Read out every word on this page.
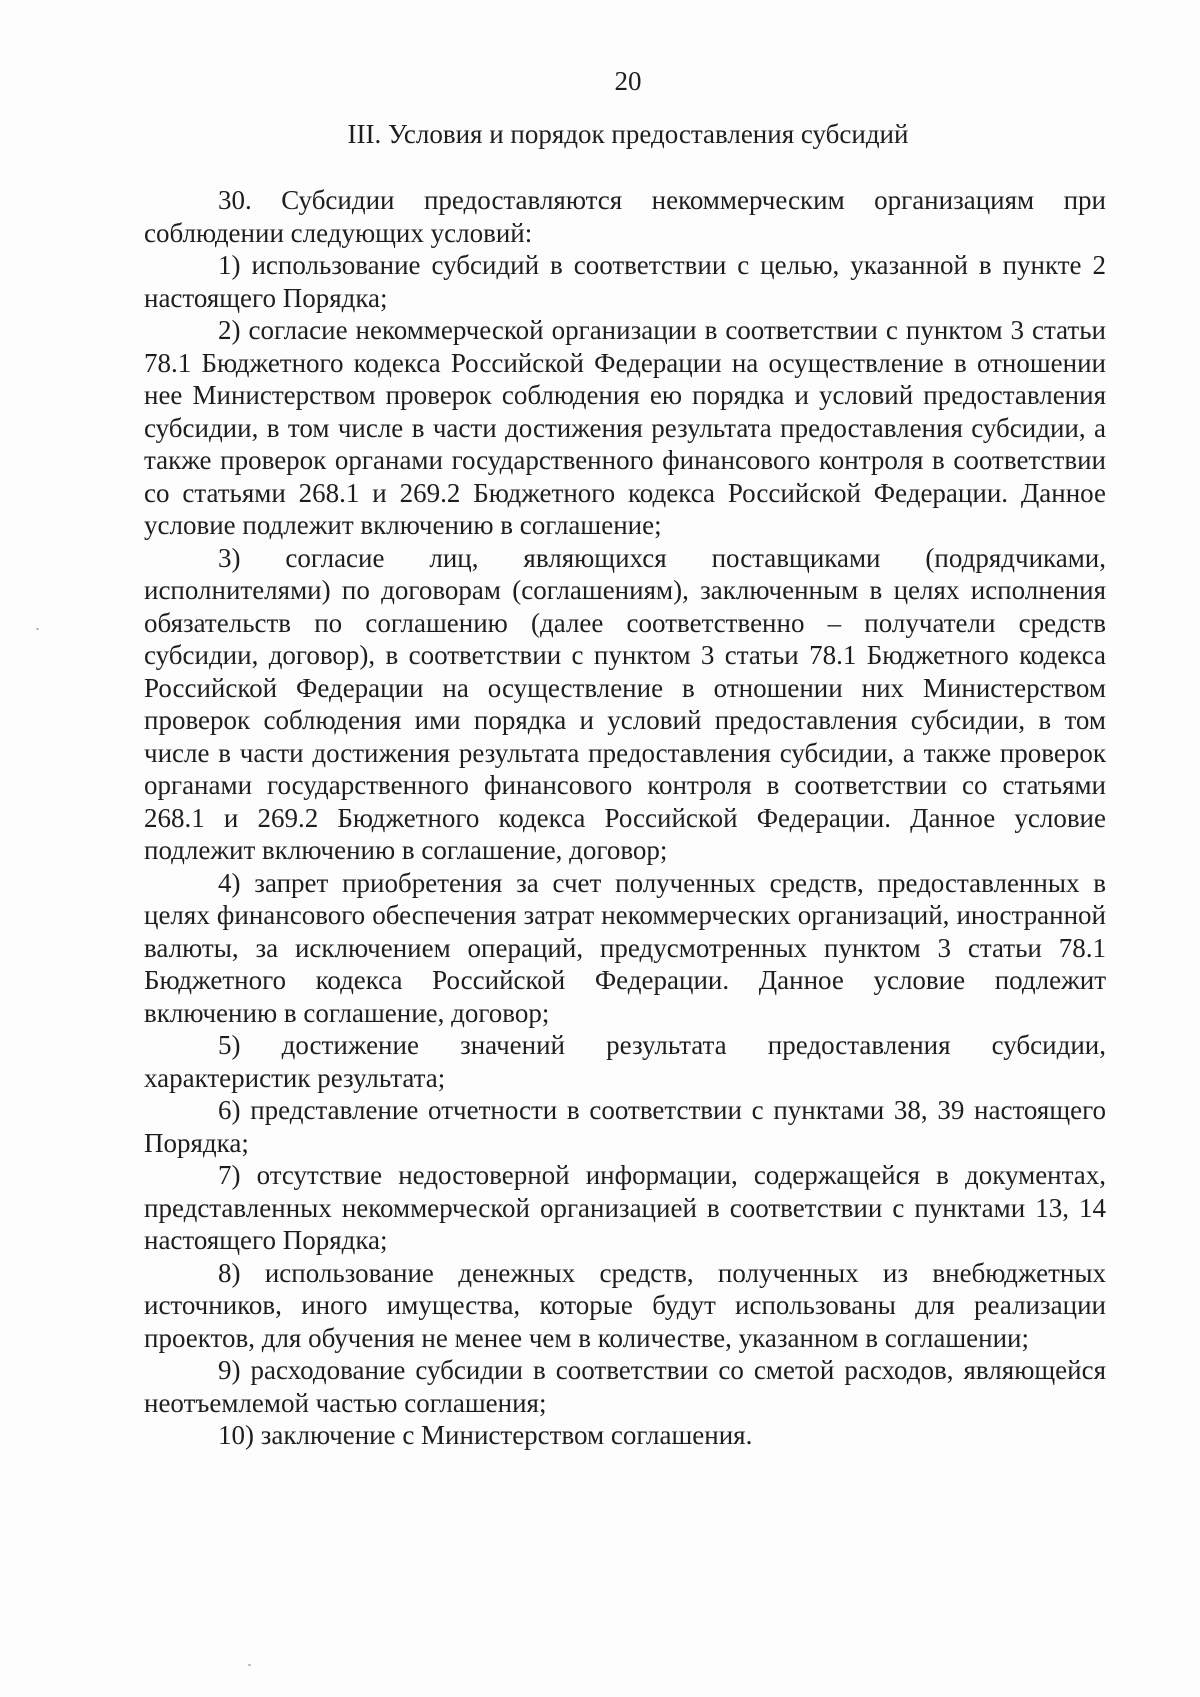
20
III. Условия и порядок предоставления субсидий

30. Субсидии предоставляются некоммерческим организациям при соблюдении следующих условий:

1) использование субсидий в соответствии с целью, указанной в пункте 2 настоящего Порядка;

2) согласие некоммерческой организации в соответствии с пунктом 3 статьи 78.1 Бюджетного кодекса Российской Федерации на осуществление в отношении нее Министерством проверок соблюдения ею порядка и условий предоставления субсидии, в том числе в части достижения результата предоставления субсидии, а также проверок органами государственного финансового контроля в соответствии со статьями 268.1 и 269.2 Бюджетного кодекса Российской Федерации. Данное условие подлежит включению в соглашение;

3) согласие лиц, являющихся поставщиками (подрядчиками, исполнителями) по договорам (соглашениям), заключенным в целях исполнения обязательств по соглашению (далее соответственно – получатели средств субсидии, договор), в соответствии с пунктом 3 статьи 78.1 Бюджетного кодекса Российской Федерации на осуществление в отношении них Министерством проверок соблюдения ими порядка и условий предоставления субсидии, в том числе в части достижения результата предоставления субсидии, а также проверок органами государственного финансового контроля в соответствии со статьями 268.1 и 269.2 Бюджетного кодекса Российской Федерации. Данное условие подлежит включению в соглашение, договор;

4) запрет приобретения за счет полученных средств, предоставленных в целях финансового обеспечения затрат некоммерческих организаций, иностранной валюты, за исключением операций, предусмотренных пунктом 3 статьи 78.1 Бюджетного кодекса Российской Федерации. Данное условие подлежит включению в соглашение, договор;

5) достижение значений результата предоставления субсидии, характеристик результата;

6) представление отчетности в соответствии с пунктами 38, 39 настоящего Порядка;

7) отсутствие недостоверной информации, содержащейся в документах, представленных некоммерческой организацией в соответствии с пунктами 13, 14 настоящего Порядка;

8) использование денежных средств, полученных из внебюджетных источников, иного имущества, которые будут использованы для реализации проектов, для обучения не менее чем в количестве, указанном в соглашении;

9) расходование субсидии в соответствии со сметой расходов, являющейся неотъемлемой частью соглашения;

10) заключение с Министерством соглашения.
